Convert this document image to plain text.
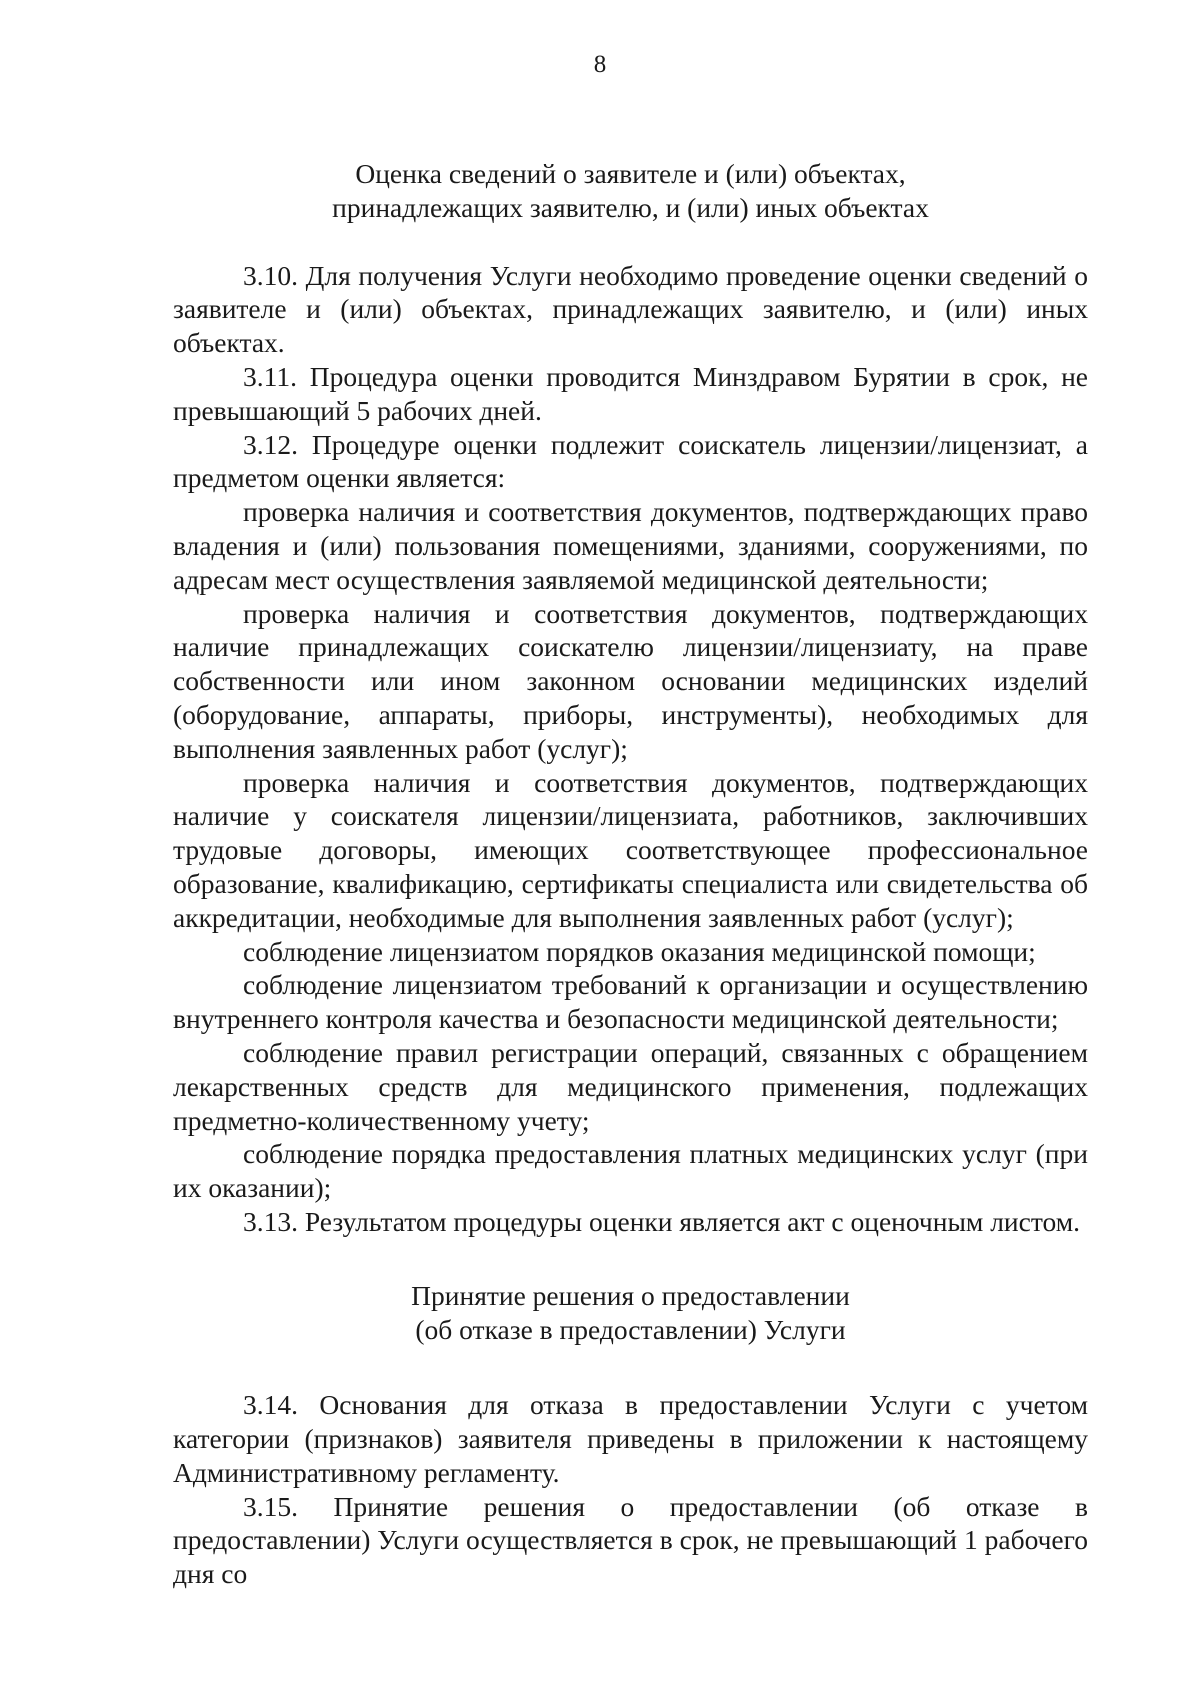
8
Оценка сведений о заявителе и (или) объектах,
принадлежащих заявителю, и (или) иных объектах

3.10. Для получения Услуги необходимо проведение оценки сведений о заявителе и (или) объектах, принадлежащих заявителю, и (или) иных объектах.

3.11. Процедура оценки проводится Минздравом Бурятии в срок, не превышающий 5 рабочих дней.

3.12. Процедуре оценки подлежит соискатель лицензии/лицензиат, а предметом оценки является:

проверка наличия и соответствия документов, подтверждающих право владения и (или) пользования помещениями, зданиями, сооружениями, по адресам мест осуществления заявляемой медицинской деятельности;

проверка наличия и соответствия документов, подтверждающих наличие принадлежащих соискателю лицензии/лицензиату, на праве собственности или ином законном основании медицинских изделий (оборудование, аппараты, приборы, инструменты), необходимых для выполнения заявленных работ (услуг);

проверка наличия и соответствия документов, подтверждающих наличие у соискателя лицензии/лицензиата, работников, заключивших трудовые договоры, имеющих соответствующее профессиональное образование, квалификацию, сертификаты специалиста или свидетельства об аккредитации, необходимые для выполнения заявленных работ (услуг);

соблюдение лицензиатом порядков оказания медицинской помощи;

соблюдение лицензиатом требований к организации и осуществлению внутреннего контроля качества и безопасности медицинской деятельности;

соблюдение правил регистрации операций, связанных с обращением лекарственных средств для медицинского применения, подлежащих предметно-количественному учету;

соблюдение порядка предоставления платных медицинских услуг (при их оказании);

3.13. Результатом процедуры оценки является акт с оценочным листом.

Принятие решения о предоставлении
(об отказе в предоставлении) Услуги

3.14. Основания для отказа в предоставлении Услуги с учетом категории (признаков) заявителя приведены в приложении к настоящему Административному регламенту.

3.15. Принятие решения о предоставлении (об отказе в предоставлении) Услуги осуществляется в срок, не превышающий 1 рабочего дня со
